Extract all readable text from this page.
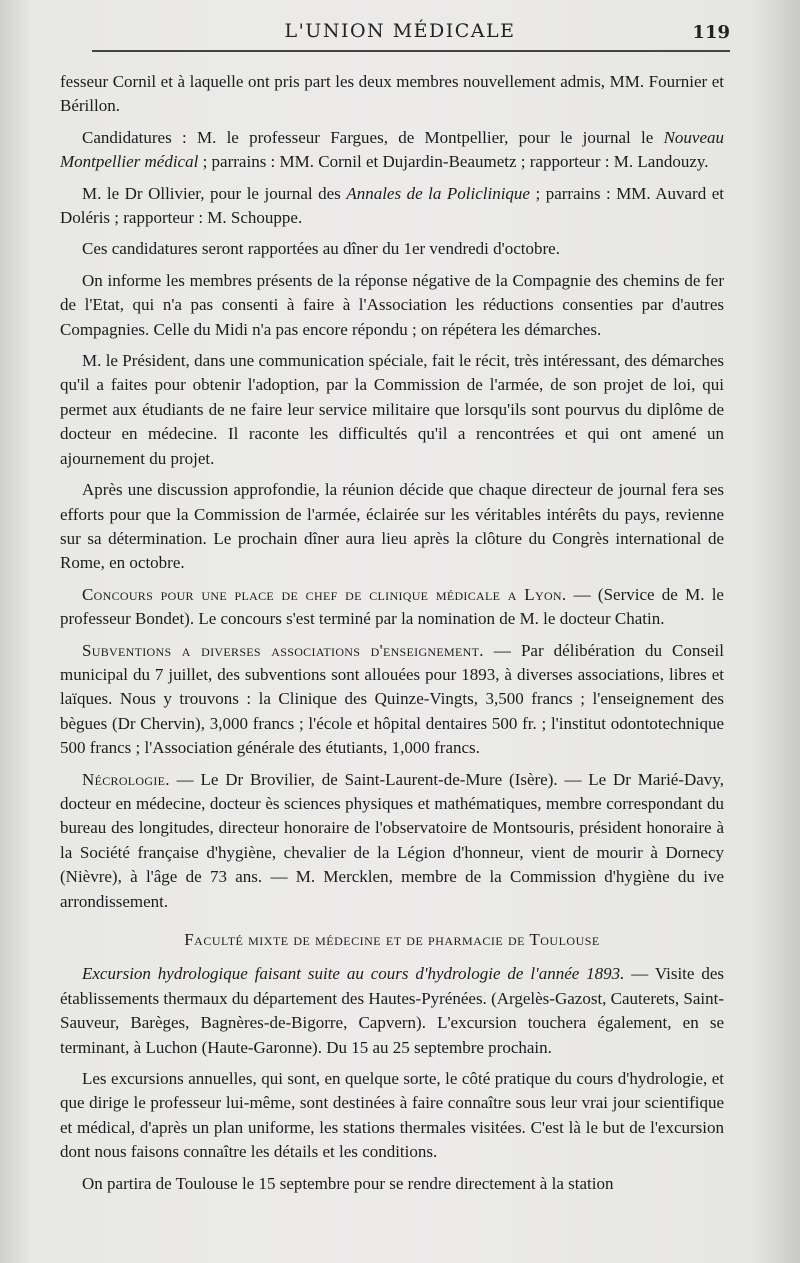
L'UNION MÉDICALE	119

fesseur Cornil et à laquelle ont pris part les deux membres nouvellement admis, MM. Fournier et Bérillon.

Candidatures : M. le professeur Fargues, de Montpellier, pour le journal le Nouveau Montpellier médical ; parrains : MM. Cornil et Dujardin-Beaumetz ; rapporteur : M. Landouzy.

M. le Dr Ollivier, pour le journal des Annales de la Policlinique ; parrains : MM. Auvard et Doléris ; rapporteur : M. Schouppe.

Ces candidatures seront rapportées au dîner du 1er vendredi d'octobre.

On informe les membres présents de la réponse négative de la Compagnie des chemins de fer de l'Etat, qui n'a pas consenti à faire à l'Association les réductions consenties par d'autres Compagnies. Celle du Midi n'a pas encore répondu ; on répétera les démarches.

M. le Président, dans une communication spéciale, fait le récit, très intéressant, des démarches qu'il a faites pour obtenir l'adoption, par la Commission de l'armée, de son projet de loi, qui permet aux étudiants de ne faire leur service militaire que lorsqu'ils sont pourvus du diplôme de docteur en médecine. Il raconte les difficultés qu'il a rencontrées et qui ont amené un ajournement du projet.

Après une discussion approfondie, la réunion décide que chaque directeur de journal fera ses efforts pour que la Commission de l'armée, éclairée sur les véritables intérêts du pays, revienne sur sa détermination. Le prochain dîner aura lieu après la clôture du Congrès international de Rome, en octobre.

Concours pour une place de chef de clinique médicale a Lyon. — (Service de M. le professeur Bondet). Le concours s'est terminé par la nomination de M. le docteur Chatin.

Subventions a diverses associations d'enseignement. — Par délibération du Conseil municipal du 7 juillet, des subventions sont allouées pour 1893, à diverses associations, libres et laïques. Nous y trouvons : la Clinique des Quinze-Vingts, 3,500 francs ; l'enseignement des bègues (Dr Chervin), 3,000 francs ; l'école et hôpital dentaires 500 fr. ; l'institut odontotechnique 500 francs ; l'Association générale des étutiants, 1,000 francs.

Nécrologie. — Le Dr Brovilier, de Saint-Laurent-de-Mure (Isère). — Le Dr Marié-Davy, docteur en médecine, docteur ès sciences physiques et mathématiques, membre correspondant du bureau des longitudes, directeur honoraire de l'observatoire de Montsouris, président honoraire à la Société française d'hygiène, chevalier de la Légion d'honneur, vient de mourir à Dornecy (Nièvre), à l'âge de 73 ans. — M. Mercklen, membre de la Commission d'hygiène du ive arrondissement.

Faculté mixte de médecine et de pharmacie de Toulouse

Excursion hydrologique faisant suite au cours d'hydrologie de l'année 1893. — Visite des établissements thermaux du département des Hautes-Pyrénées. (Argelès-Gazost, Cauterets, Saint-Sauveur, Barèges, Bagnères-de-Bigorre, Capvern). L'excursion touchera également, en se terminant, à Luchon (Haute-Garonne). Du 15 au 25 septembre prochain.

Les excursions annuelles, qui sont, en quelque sorte, le côté pratique du cours d'hydrologie, et que dirige le professeur lui-même, sont destinées à faire connaître sous leur vrai jour scientifique et médical, d'après un plan uniforme, les stations thermales visitées. C'est là le but de l'excursion dont nous faisons connaître les détails et les conditions.

On partira de Toulouse le 15 septembre pour se rendre directement à la station
